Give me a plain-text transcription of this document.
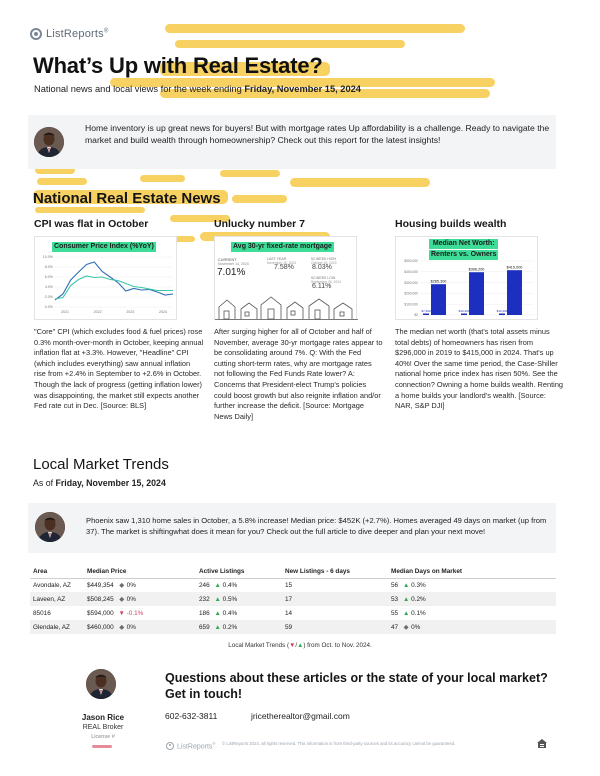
ListReports®
What’s Up with Real Estate?
National news and local views for the week ending Friday, November 15, 2024
Home inventory is up great news for buyers! But with mortgage rates Up affordability is a challenge. Ready to navigate the market and build wealth through homeownership? Check out this report for the latest insights!
National Real Estate News
CPI was flat in October	Unlucky number 7	Housing builds wealth
Consumer Price Index (%YoY)
10.0%
8.0%
6.0%
4.0%
2.0%
0.0%
2021	2022	2023	2024
Avg 30-yr fixed-rate mortgage
CURRENT
November 14, 2024
7.01%
LAST YEAR
November 16, 2023
7.58%
52-WEEK HIGH
October 26, 2023
8.03%
52-WEEK LOW
September 26, 2024
6.11%
Median Net Worth:
Renters vs. Owners
$500,000
$400,000
$300,000
$200,000
$100,000
$0
$7,400
$285,300
$10,400
$396,200
$10,400
$415,000
"Core" CPI (which excludes food & fuel prices) rose 0.3% month-over-month in October, keeping annual inflation flat at +3.3%. However, "Headline" CPI (which includes everything) saw annual inflation rise from +2.4% in September to +2.6% in October. Though the lack of progress (getting inflation lower) was disappointing, the market still expects another Fed rate cut in Dec. [Source: BLS]
After surging higher for all of October and half of November, average 30-yr mortgage rates appear to be consolidating around 7%. Q: With the Fed cutting short-term rates, why are mortgage rates not following the Fed Funds Rate lower? A: Concerns that President-elect Trump's policies could boost growth but also reignite inflation and/or further increase the deficit. [Source: Mortgage News Daily]
The median net worth (that's total assets minus total debts) of homeowners has risen from $296,000 in 2019 to $415,000 in 2024. That's up 40%! Over the same time period, the Case-Shiller national home price index has risen 50%. See the connection? Owning a home builds wealth. Renting a home builds your landlord's wealth. [Source: NAR, S&P DJI]
Local Market Trends
As of Friday, November 15, 2024
Phoenix saw 1,310 home sales in October, a 5.8% increase! Median price: $452K (+2.7%). Homes averaged 49 days on market (up from 37). The market is shiftingwhat does it mean for you? Check out the full article to dive deeper and plan your next move!
Area	Median Price	Active Listings	New Listings - 6 days	Median Days on Market
Avondale, AZ	$449,354 ◆ 0%	246 ▲ 0.4%	15	56 ▲ 0.3%
Laveen, AZ	$508,245 ◆ 0%	232 ▲ 0.5%	17	53 ▲ 0.2%
85016	$594,000 ▼ -0.1%	186 ▲ 0.4%	14	55 ▲ 0.1%
Glendale, AZ	$460,000 ◆ 0%	659 ▲ 0.2%	59	47 ◆ 0%
Local Market Trends (▼/▲) from Oct. to Nov. 2024.
Jason Rice
REAL Broker
License #
Questions about these articles or the state of your local market? Get in touch!
602-632-3811	jricetherealtor@gmail.com
ListReports® © ListReports 2024, all rights reserved. This information is from third-party sources and its accuracy cannot be guaranteed.
